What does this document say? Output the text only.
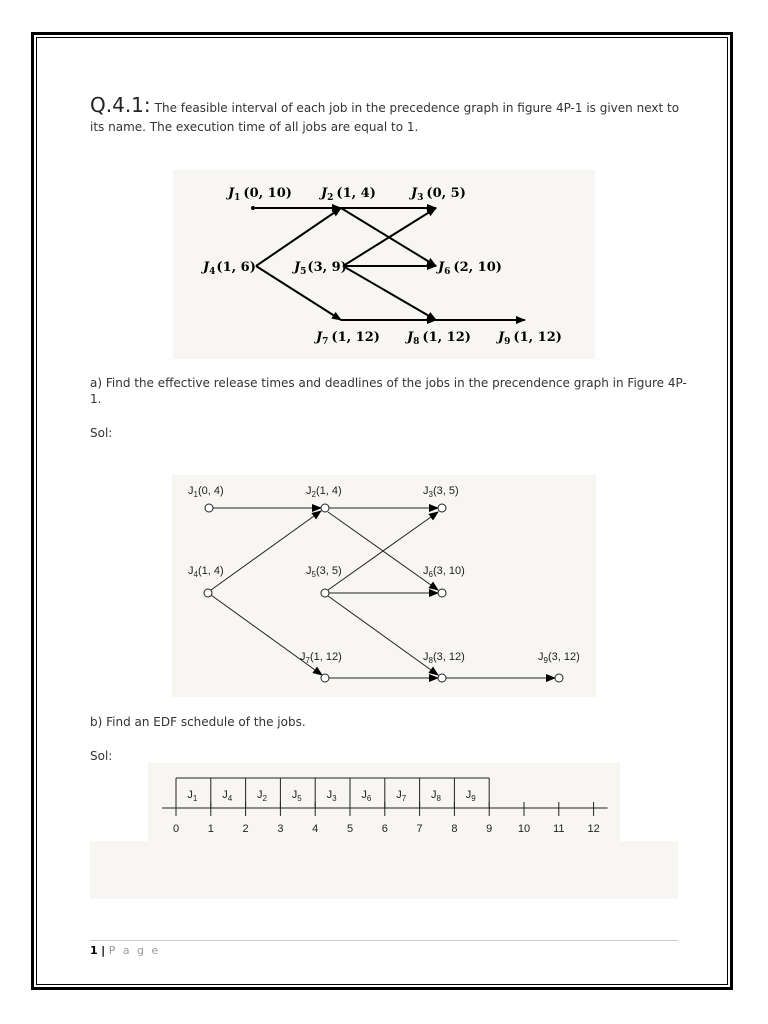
Q.4.1: The feasible interval of each job in the precedence graph in figure 4P-1 is given next to its name. The execution time of all jobs are equal to 1.
$J_1$ (0, 10) $J_2$ (1, 4)	$J_3$ (0, 5)
$J_4(1$, 6)	$J_5(3$, 9)	$J_6$ (2, 10)
$J_7$ (1, 12) $J_8$ (1, 12) $J_9$ (1, 12)
a) Find the effective release times and deadlines of the jobs in the precendence graph in Figure 4P-1.
Sol:
$J_1(0$, 4)	$J_2(1$, 4)	$J_3(3$, 5)
$J_4(1$, 4)	$J_5(3$, 5)	$J_6(3$, 10)
$J_7(1$, 12)	$J_8(3$, 12)	$J_9(3$, 12)
b) Find an EDF schedule of the jobs.
Sol:
$J_1$ $J_4$ $J_2$ $J_5$ $J_3$ $J_6$ $J_7$ $J_8$ $J_9$
0	1	2	3	4	5	6	7	8	9 10 11 12
1 | P a g e
